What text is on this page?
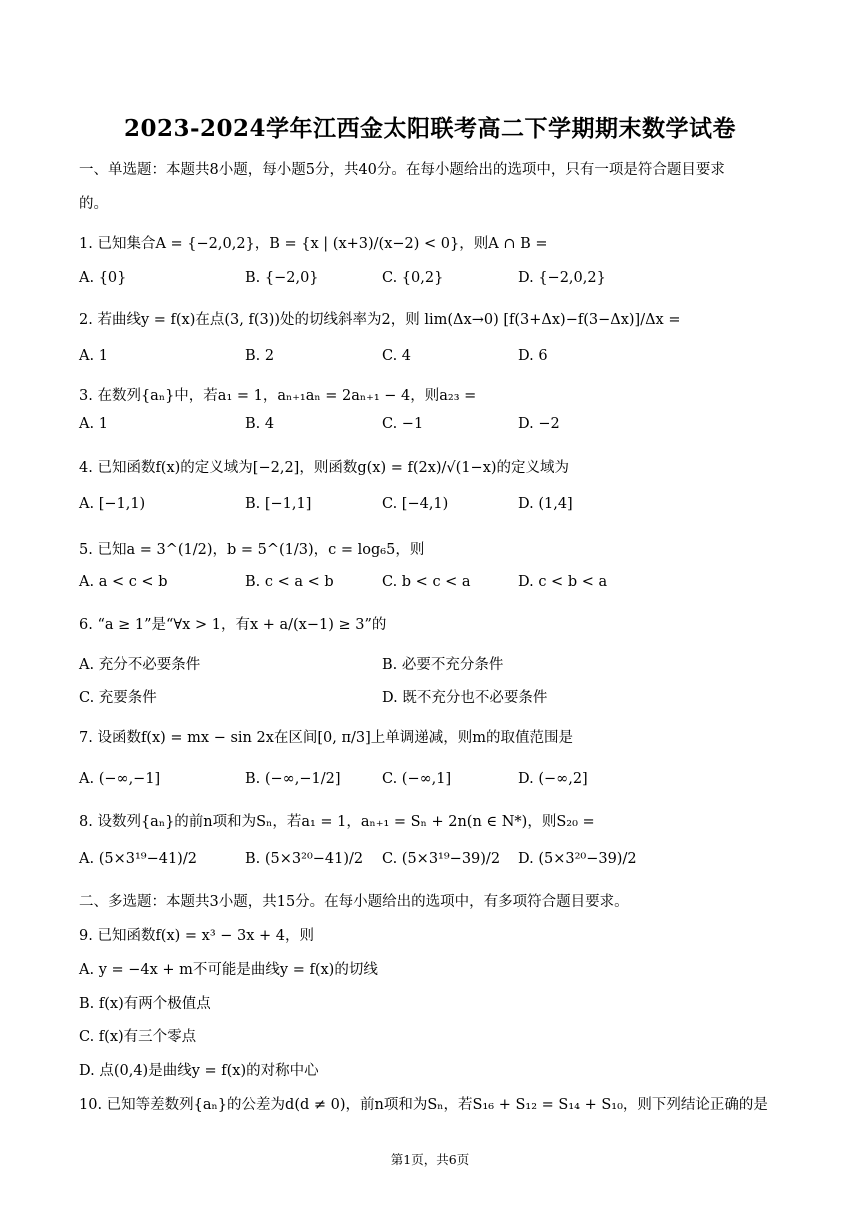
2023-2024学年江西金太阳联考高二下学期期末数学试卷
一、单选题：本题共8小题，每小题5分，共40分。在每小题给出的选项中，只有一项是符合题目要求
的。
1. 已知集合A = {−2,0,2}，B = {x | (x+3)/(x−2) < 0}，则A ∩ B =
A. {0}	B. {−2,0}	C. {0,2}	D. {−2,0,2}
2. 若曲线y = f(x)在点(3, f(3))处的切线斜率为2，则 lim(Δx→0) [f(3+Δx)−f(3−Δx)]/Δx =
A. 1	B. 2	C. 4	D. 6
3. 在数列{aₙ}中，若a₁ = 1，aₙ₊₁aₙ = 2aₙ₊₁ − 4，则a₂₃ =
A. 1	B. 4	C. −1	D. −2
4. 已知函数f(x)的定义域为[−2,2]，则函数g(x) = f(2x)/√(1−x)的定义域为
A. [−1,1)	B. [−1,1]	C. [−4,1)	D. (1,4]
5. 已知a = 3^(1/2)，b = 5^(1/3)，c = log₆5，则
A. a < c < b	B. c < a < b	C. b < c < a	D. c < b < a
6. “a ≥ 1”是“∀x > 1，有x + a/(x−1) ≥ 3”的
A. 充分不必要条件	B. 必要不充分条件
C. 充要条件	D. 既不充分也不必要条件
7. 设函数f(x) = mx − sin 2x在区间[0, π/3]上单调递减，则m的取值范围是
A. (−∞,−1]	B. (−∞,−1/2]	C. (−∞,1]	D. (−∞,2]
8. 设数列{aₙ}的前n项和为Sₙ，若a₁ = 1，aₙ₊₁ = Sₙ + 2n(n ∈ N*)，则S₂₀ =
A. (5×3¹⁹−41)/2	B. (5×3²⁰−41)/2 C. (5×3¹⁹−39)/2 D. (5×3²⁰−39)/2
二、多选题：本题共3小题，共15分。在每小题给出的选项中，有多项符合题目要求。
9. 已知函数f(x) = x³ − 3x + 4，则
A. y = −4x + m不可能是曲线y = f(x)的切线
B. f(x)有两个极值点
C. f(x)有三个零点
D. 点(0,4)是曲线y = f(x)的对称中心
10. 已知等差数列{aₙ}的公差为d(d ≠ 0)，前n项和为Sₙ，若S₁₆ + S₁₂ = S₁₄ + S₁₀，则下列结论正确的是
第1页，共6页
